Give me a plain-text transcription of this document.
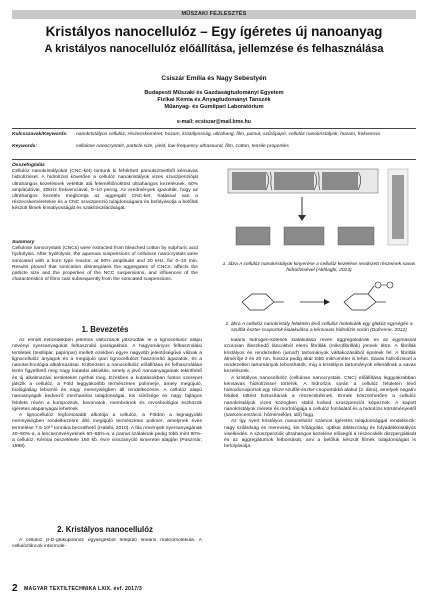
MŰSZAKI FEJLESZTÉS
Kristályos nanocellulóz – Egy ígéretes új nanoanyag
A kristályos nanocellulóz előállítása, jellemzése és felhasználása
Csiszár Emília és Nagy Sebestyén
Budapesti Műszaki és Gazdaságtudományi Egyetem
Fizikai Kémia és Anyagtudományi Tanszék
Műanyag- és Gumiipari Laboratórium
e-mail: ecsiszar@mail.bme.hu
Kulcsszavak/Keywords:	nanokristályos cellulóz, részecskeméret, hozam, kristályosság, ultrahang, film, pamut, szűrőpapír, cellulóz nanokristályok, hozam, frekvencia
Keywords:	cellulose nanocrystals, particle size, yield, low-frequency ultrasound, film, cotton, tensile properties
Összefoglalás
Cellulóz nanokristályokat (CNC-ket) tontunk ki fehérített pamutszövetből kénsavas hidrolízissel. A hidrolízist követően a cellulóz nanokristályok vizes szuszpenzióját ultrahangos kezelésnek vetettük alá feleméltőnoktöst ultrahangos kezelésnek. 60% amplitúdóval, 20kHz frekvenciával, 0–10 percig. Az eredmények igazolták, hogy az ultrahangos kezelés megbontja az aggregált CNC-ket, hatással van a részecskeméretekre és a CNC szuszpenzió tulajdonságaira és befolyásolja a belőlük készült filmek kristályosságát és szakítószilárdságát.
Summary
Cellulose nanocrystals (CNCs) were extracted from bleached cotton by sulphuric acid hydrolysis. After hydrolysis, the aqueous suspensions of cellulose nanocrystals were sonicated with a horn type reactor, at 60% amplitude and 20 kHz, for 0–10 min. Results proved that sonication disintegrates the aggregates of CNCs, affects the particle size and the properties of the NCC suspensions, and influences of the characteristics of films cast subsequently from the sonicated suspensions.
1. ábra A cellulóz nanokristályok kinyerése a cellulóz kezelése rendezett részeinek savas hidrolízisével (Akhlaghi, 2013)
2. ábra A cellulóz nanokristály felületén lévő cellulóz molekulák egy glükóz egységén a szulfát-észter-csoportok kialakulása a kénsavas hidrolízis során (Dufresne, 2012)
1. Bevezetés

Az elmúlt évtizedekben jelentős változások játszódtak le a lignocellulóz alapú növényi nyersanyagokat felhasználó iparágakban. A hagyományos felhasználási területek (textilipar, papíripar) mellett ezekben egyre nagyobb jelentőségűvé válnak a lignocellulóz anyagok és a megújuló ipari lignocellulózt hasznosító ágazatok, és a nanotechnológia alkalmazásai. Különösen a nanocellulóz előállítása és felhasználása terén figyelhető meg nagy kutatási aktivitás, amely a jövő nanoanyagainak tekinthető és új alkalmazási területeket nyithat meg. Ezekben a kutatásokban fontos szerepet játszik a cellulóz, a Föld leggyakoribb természetes polimerje, amely megújuló, biológiailag lebomló és nagy mennyiségben áll rendelkezésre. A cellulóz alapú nanoanyagok kedvező mechanikai tulajdonságai, kis sűrűsége és nagy fajlagos felülete révén a kompozitok, bevonatok, membránok és orvosbiológiai eszközök ígéretes alapanyagai lehetnek.

A lignocellulóz legfontosabb alkotója a cellulóz, a Földön a legnagyobb mennyiségben rendelkezésre álló megújuló természetes polimer, amelynek éves termelése 7,5·10¹⁰ tonnára becsülhető (Habibi, 2010). A fás növények nyersanyagának 40–50%-a, a lencsenövényeknek 60–65%-a, a pamut szálaknak pedig több mint 90%-a cellulóz. Kémiai összetétele 160 kb. évre visszanyúló ismeretei alapján (Paszmár, 1998).

2. Kristályos nanocellulóz

A cellulóz β-D-glükopiranóz egységekből felépülő lineáris makromolekula. A cellulózláncok intermole-

kuláris hidrogén-kötések kialakulása révén aggregálódnak és az egymással szorosan illeszkedő láncokból elemi fibrillák (mikrofibrillák) jönnek létre. A fibrillák kristályos és rendezetlen (amorf) tartományok váltakozásából épülnek fel. A fibrillák átmérője 2 és 20 nm, hossza pedig akár több mikrométer is lehet. Savas hidrolízissel a rendezetlen tartományok lebonthatók, míg a kristályos tartományok ellenállnak a savas kezelésnek.

A kristályos nanocellulóz (cellulose nanocrystals, CNC) előállítása leggyakrabban kénsavas hidrolízissel történik. A hidrolízis során a cellulóz felületén lévő hidroxilcsoportok egy része szulfát-észter-csoportokká alakul (2. ábra), amelyek negatív felületi töltést biztosítanak a részecskéknek. Ennek köszönhetően a cellulóz nanokristályok vizes közegben stabil kolloid szuszpenziót képeznek. A kapott nanokristályok mérete és morfológiája a cellulóz forrásától és a hidrolízis körülményeitől (savkoncentráció, hőmérséklet, idő) függ.

Az így nyert kristályos nanocellulóz számos ígéretes tulajdonsággal rendelkezik: nagy szilárdság és merevség, kis hőtágulás, optikai átlátszóság és folyadékkristályos viselkedés. A szuszpenziók ultrahangos kezelése elősegíti a részecskék diszpergálását és az aggregátumok felbontását, ami a belőlük készült filmek tulajdonságait is befolyásolja.

2 MAGYAR TEXTILTECHNIKA LXIX. évf. 2017/3
